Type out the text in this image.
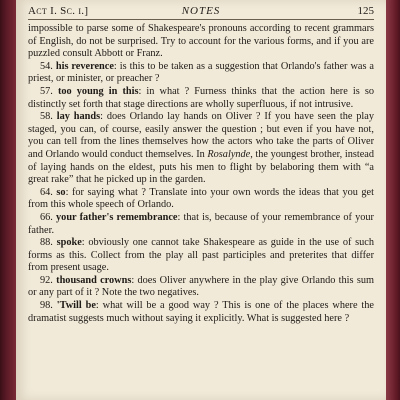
Act I. Sc. i.]	NOTES	125

impossible to parse some of Shakespeare's pronouns according to recent grammars of English, do not be surprised. Try to account for the various forms, and if you are puzzled consult Abbott or Franz.

54. his reverence: is this to be taken as a suggestion that Orlando's father was a priest, or minister, or preacher ?

57. too young in this: in what ? Furness thinks that the action here is so distinctly set forth that stage directions are wholly superfluous, if not intrusive.

58. lay hands: does Orlando lay hands on Oliver ? If you have seen the play staged, you can, of course, easily answer the question ; but even if you have not, you can tell from the lines themselves how the actors who take the parts of Oliver and Orlando would conduct themselves. In Rosalynde, the youngest brother, instead of laying hands on the eldest, puts his men to flight by belaboring them with “a great rake” that he picked up in the garden.

64. so: for saying what ? Translate into your own words the ideas that you get from this whole speech of Orlando.

66. your father's remembrance: that is, because of your remembrance of your father.

88. spoke: obviously one cannot take Shakespeare as guide in the use of such forms as this. Collect from the play all past participles and preterites that differ from present usage.

92. thousand crowns: does Oliver anywhere in the play give Orlando this sum or any part of it ? Note the two negatives.

98. 'Twill be: what will be a good way ? This is one of the places where the dramatist suggests much without saying it explicitly. What is suggested here ?
